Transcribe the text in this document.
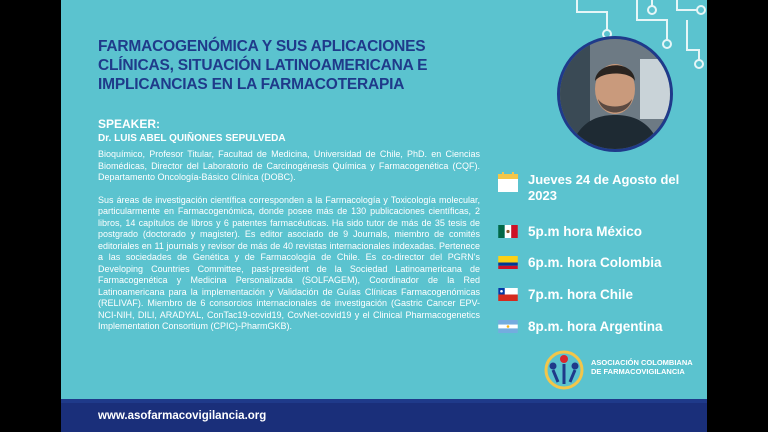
FARMACOGENÓMICA Y SUS APLICACIONES CLÍNICAS, SITUACIÓN LATINOAMERICANA E IMPLICANCIAS EN LA FARMACOTERAPIA
SPEAKER:
Dr. LUIS ABEL QUIÑONES SEPULVEDA

Bioquímico, Profesor Titular, Facultad de Medicina, Universidad de Chile, PhD. en Ciencias Biomédicas, Director del Laboratorio de Carcinogénesis Química y Farmacogenética (CQF). Departamento Oncología-Básico Clínica (DOBC).

Sus áreas de investigación científica corresponden a la Farmacología y Toxicología molecular, particularmente en Farmacogenómica, donde posee más de 130 publicaciones científicas, 2 libros, 14 capítulos de libros y 6 patentes farmacéuticas. Ha sido tutor de más de 35 tesis de postgrado (doctorado y magister). Es editor asociado de 9 Journals, miembro de comités editoriales en 11 journals y revisor de más de 40 revistas internacionales indexadas. Pertenece a las sociedades de Genética y de Farmacología de Chile. Es co-director del PGRN's Developing Countries Committee, past-president de la Sociedad Latinoamericana de Farmacogenética y Medicina Personalizada (SOLFAGEM), Coordinador de la Red Latinoamericana para la implementación y Validación de Guías Clínicas Farmacogenómicas (RELIVAF). Miembro de 6 consorcios internacionales de investigación (Gastric Cancer EPV-NCI-NIH, DILI, ARADYAL, ConTac19-covid19, CovNet-covid19 y el Clinical Pharmacogenetics Implementation Consortium (CPIC)-PharmGKB).

Jueves 24 de Agosto del 2023
5p.m hora México
6p.m. hora Colombia
7p.m. hora Chile
8p.m. hora Argentina
ASOCIACIÓN COLOMBIANA DE FARMACOVIGILANCIA
www.asofarmacovigilancia.org
